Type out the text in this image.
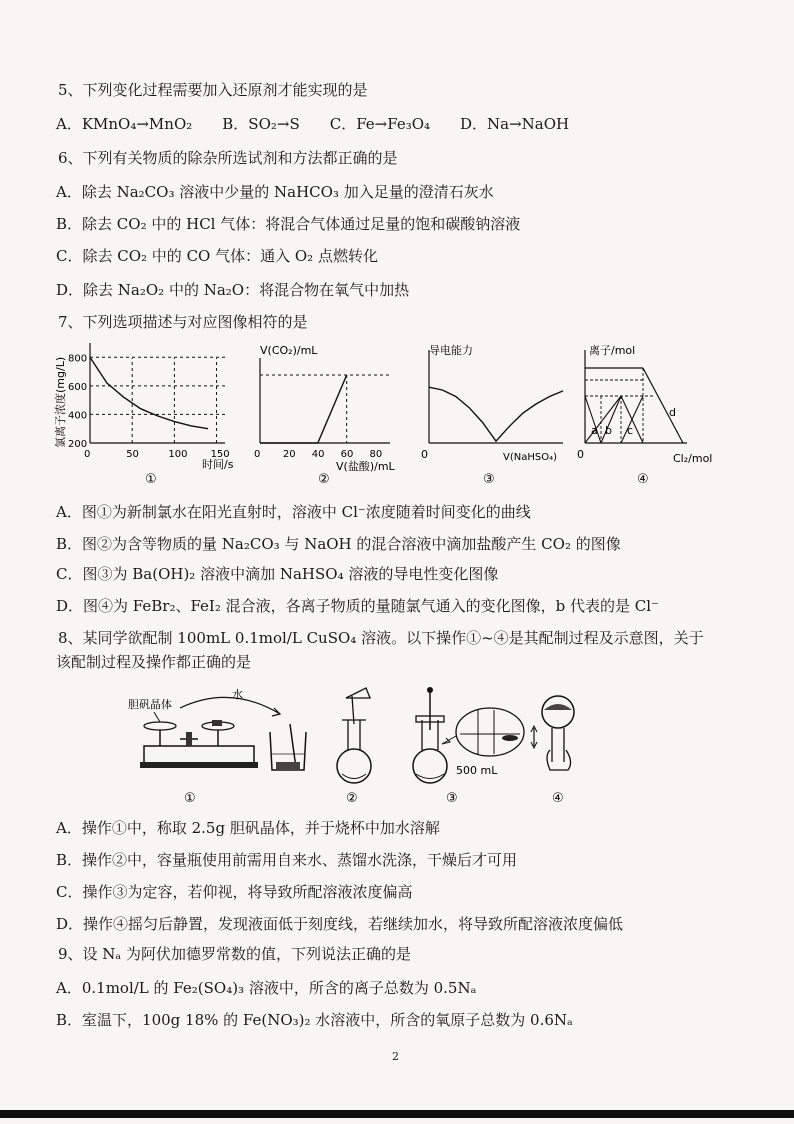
5、下列变化过程需要加入还原剂才能实现的是
A．KMnO₄→MnO₂　　B．SO₂→S　　C．Fe→Fe₃O₄　　D．Na→NaOH
6、下列有关物质的除杂所选试剂和方法都正确的是
A．除去 Na₂CO₃ 溶液中少量的 NaHCO₃ 加入足量的澄清石灰水
B．除去 CO₂ 中的 HCl 气体：将混合气体通过足量的饱和碳酸钠溶液
C．除去 CO₂ 中的 CO 气体：通入 O₂ 点燃转化
D．除去 Na₂O₂ 中的 Na₂O：将混合物在氧气中加热
7、下列选项描述与对应图像相符的是
氯离子浓度(mg/L) 200
400
600
800
0	50	100 150
时间/s
①
V(CO₂)/mL
0 20 40 60 80
V(盐酸)/mL
②
导电能力
0	V(NaHSO₄)
③
离子/mol
0
a b c
d
Cl₂/mol
④
A．图①为新制氯水在阳光直射时，溶液中 Cl⁻浓度随着时间变化的曲线
B．图②为含等物质的量 Na₂CO₃ 与 NaOH 的混合溶液中滴加盐酸产生 CO₂ 的图像
C．图③为 Ba(OH)₂ 溶液中滴加 NaHSO₄ 溶液的导电性变化图像
D．图④为 FeBr₂、FeI₂ 混合液，各离子物质的量随氯气通入的变化图像，b 代表的是 Cl⁻
8、某同学欲配制 100mL 0.1mol/L CuSO₄ 溶液。以下操作①~④是其配制过程及示意图，关于
该配制过程及操作都正确的是
胆矾晶体
水
①	②
500 mL
③	④
A．操作①中，称取 2.5g 胆矾晶体，并于烧杯中加水溶解
B．操作②中，容量瓶使用前需用自来水、蒸馏水洗涤，干燥后才可用
C．操作③为定容，若仰视，将导致所配溶液浓度偏高
D．操作④摇匀后静置，发现液面低于刻度线，若继续加水，将导致所配溶液浓度偏低
9、设 Nₐ 为阿伏加德罗常数的值，下列说法正确的是
A．0.1mol/L 的 Fe₂(SO₄)₃ 溶液中，所含的离子总数为 0.5Nₐ
B．室温下，100g 18% 的 Fe(NO₃)₂ 水溶液中，所含的氧原子总数为 0.6Nₐ
2
